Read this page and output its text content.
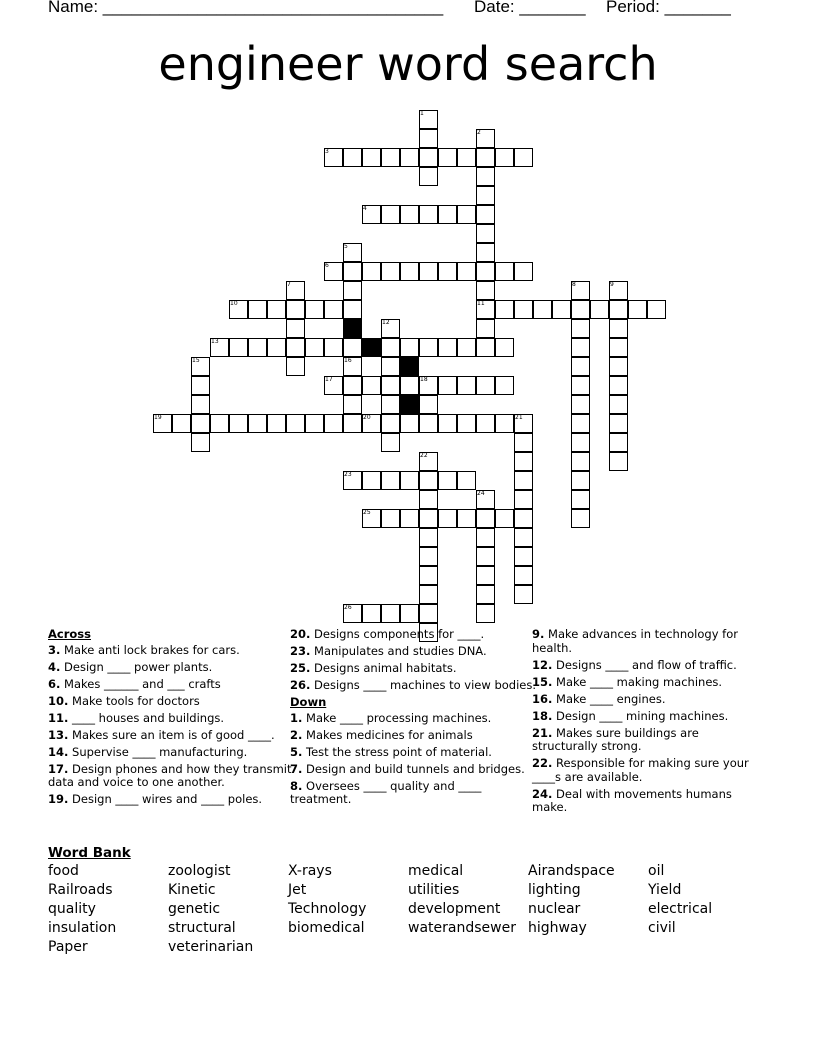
Name: ____________________________________ Date: _______ Period: _______
engineer word search
1
2
3
4
5
6
7	8	9
10	11
12
13	14
15	16
17	18
19	20	21
22
23
24
25
26
Across
3. Make anti lock brakes for cars.
4. Design ____ power plants.
6. Makes ______ and ___ crafts
10. Make tools for doctors
11. ____ houses and buildings.
13. Makes sure an item is of good ____.
14. Supervise ____ manufacturing.
17. Design phones and how they transmit data and voice to one another.
19. Design ____ wires and ____ poles.
20. Designs components for ____.
23. Manipulates and studies DNA.
25. Designs animal habitats.
26. Designs ____ machines to view bodies.
Down
1. Make ____ processing machines.
2. Makes medicines for animals
5. Test the stress point of material.
7. Design and build tunnels and bridges.
8. Oversees ____ quality and ____ treatment.
9. Make advances in technology for health.
12. Designs ____ and flow of traffic.
15. Make ____ making machines.
16. Make ____ engines.
18. Design ____ mining machines.
21. Makes sure buildings are structurally strong.
22. Responsible for making sure your ____s are available.
24. Deal with movements humans make.
Word Bank
food	zoologist	X-rays	medical	Airandspace oil
Railroads	Kinetic	Jet	utilities	lighting	Yield
quality	genetic	Technology	development nuclear	electrical
insulation	structural	biomedical	waterandsewer highway	civil
Paper	veterinarian
